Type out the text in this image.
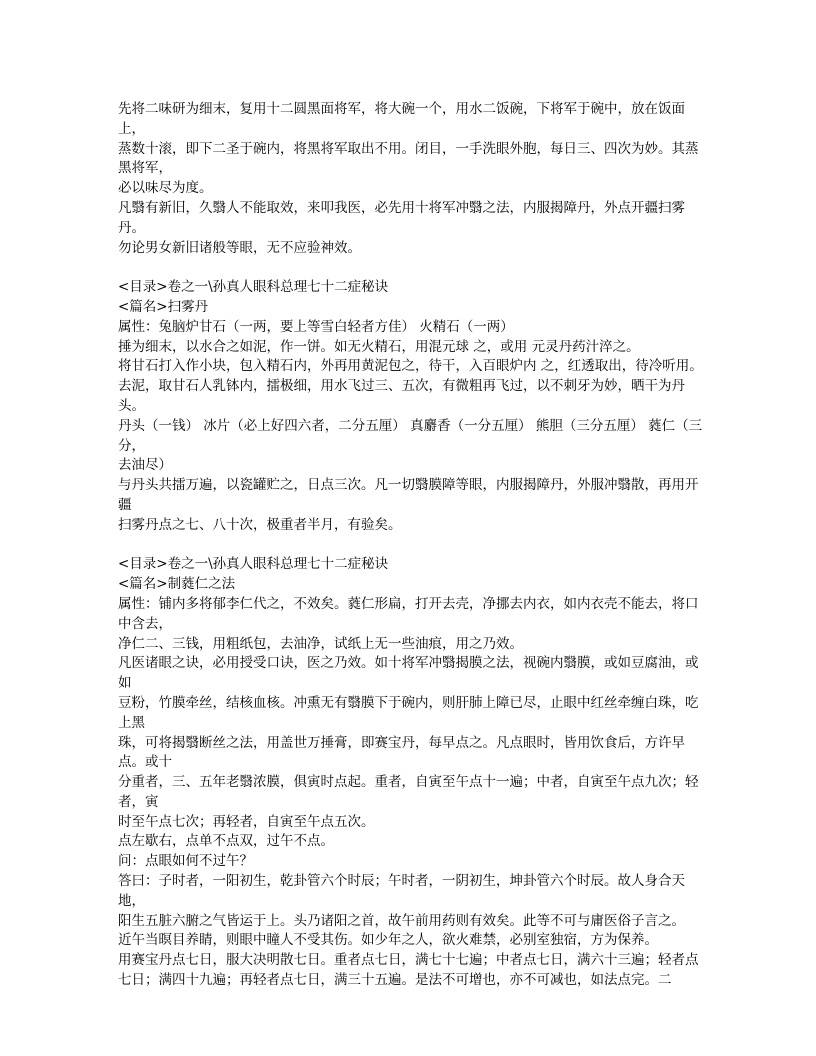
先将二味研为细末，复用十二圆黑面将军，将大碗一个，用水二饭碗，下将军于碗中，放在饭面上，
蒸数十滚，即下二圣于碗内，将黑将军取出不用。闭目，一手洗眼外胞，每日三、四次为妙。其蒸黑将军，
必以味尽为度。
凡翳有新旧，久翳人不能取效，来叩我医，必先用十将军冲翳之法，内服揭障丹，外点开疆扫雾丹。
勿论男女新旧诸般等眼，无不应验神效。
<目录>卷之一\孙真人眼科总理七十二症秘诀
<篇名>扫雾丹
属性：兔脑炉甘石（一两，要上等雪白轻者方佳） 火精石（一两）
捶为细末，以水合之如泥，作一饼。如无火精石，用混元球 之，或用 元灵丹药汁淬之。
将甘石打入作小块，包入精石内，外再用黄泥包之，待干，入百眼炉内 之，红透取出，待冷听用。
去泥，取甘石人乳钵内，擂极细，用水飞过三、五次，有微粗再飞过，以不刺牙为妙，晒干为丹头。
丹头（一钱） 冰片（必上好四六者，二分五厘） 真麝香（一分五厘） 熊胆（三分五厘） 蕤仁（三分，
去油尽）
与丹头共擂万遍，以瓷罐贮之，日点三次。凡一切翳膜障等眼，内服揭障丹，外服冲翳散，再用开疆
扫雾丹点之七、八十次，极重者半月，有验矣。
<目录>卷之一\孙真人眼科总理七十二症秘诀
<篇名>制蕤仁之法
属性：铺内多将郁李仁代之，不效矣。蕤仁形扁，打开去壳，净挪去内衣，如内衣壳不能去，将口中含去，
净仁二、三钱，用粗纸包，去油净，试纸上无一些油痕，用之乃效。
凡医诸眼之诀，必用授受口诀，医之乃效。如十将军冲翳揭膜之法，视碗内翳膜，或如豆腐油，或如
豆粉，竹膜牵丝，结核血核。冲熏无有翳膜下于碗内，则肝肺上障已尽，止眼中红丝牵缠白珠，吃上黑
珠，可将揭翳断丝之法，用盖世万捶膏，即赛宝丹，每早点之。凡点眼时，皆用饮食后，方许早点。或十
分重者，三、五年老翳浓膜，俱寅时点起。重者，自寅至午点十一遍；中者，自寅至午点九次；轻者，寅
时至午点七次；再轻者，自寅至午点五次。
点左歇右，点单不点双，过午不点。
问：点眼如何不过午？
答曰：子时者，一阳初生，乾卦管六个时辰；午时者，一阴初生，坤卦管六个时辰。故人身合天地，
阳生五脏六腑之气皆运于上。头乃诸阳之首，故午前用药则有效矣。此等不可与庸医俗子言之。
近午当暝目养睛，则眼中瞳人不受其伤。如少年之人，欲火难禁，必别室独宿，方为保养。
用赛宝丹点七日，服大决明散七日。重者点七日，满七十七遍；中者点七日，满六十三遍；轻者点
七日；满四十九遍；再轻者点七日，满三十五遍。是法不可增也，亦不可减也，如法点完。二
